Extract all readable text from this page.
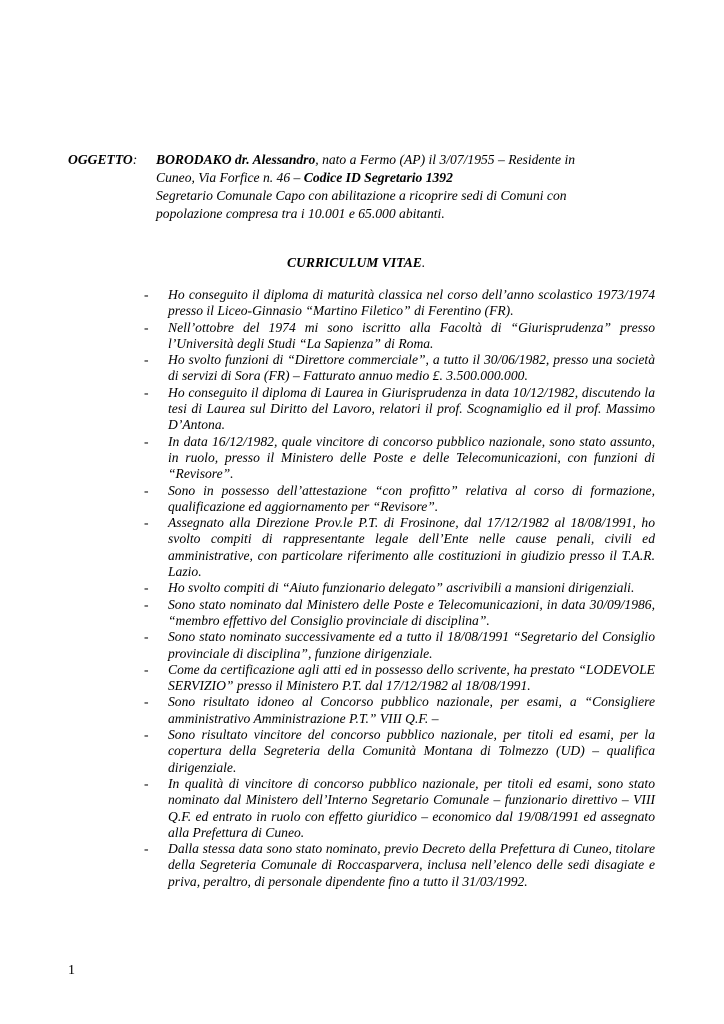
OGGETTO: BORODAKO dr. Alessandro, nato a Fermo (AP) il 3/07/1955 – Residente in
Cuneo, Via Forfice n. 46 – Codice ID Segretario 1392
Segretario Comunale Capo con abilitazione a ricoprire sedi di Comuni con
popolazione compresa tra i 10.001 e 65.000 abitanti.
CURRICULUM VITAE.
- Ho conseguito il diploma di maturità classica nel corso dell’anno scolastico 1973/1974 presso il Liceo-Ginnasio “Martino Filetico” di Ferentino (FR).
- Nell’ottobre del 1974 mi sono iscritto alla Facoltà di “Giurisprudenza” presso l’Università degli Studi “La Sapienza” di Roma.
- Ho svolto funzioni di “Direttore commerciale”, a tutto il 30/06/1982, presso una società di servizi di Sora (FR) – Fatturato annuo medio £. 3.500.000.000.
- Ho conseguito il diploma di Laurea in Giurisprudenza in data 10/12/1982, discutendo la tesi di Laurea sul Diritto del Lavoro, relatori il prof. Scognamiglio ed il prof. Massimo D’Antona.
- In data 16/12/1982, quale vincitore di concorso pubblico nazionale, sono stato assunto, in ruolo, presso il Ministero delle Poste e delle Telecomunicazioni, con funzioni di “Revisore”.
- Sono in possesso dell’attestazione “con profitto” relativa al corso di formazione, qualificazione ed aggiornamento per “Revisore”.
- Assegnato alla Direzione Prov.le P.T. di Frosinone, dal 17/12/1982 al 18/08/1991, ho svolto compiti di rappresentante legale dell’Ente nelle cause penali, civili ed amministrative, con particolare riferimento alle costituzioni in giudizio presso il T.A.R. Lazio.
- Ho svolto compiti di “Aiuto funzionario delegato” ascrivibili a mansioni dirigenziali.
- Sono stato nominato dal Ministero delle Poste e Telecomunicazioni, in data 30/09/1986, “membro effettivo del Consiglio provinciale di disciplina”.
- Sono stato nominato successivamente ed a tutto il 18/08/1991 “Segretario del Consiglio provinciale di disciplina”, funzione dirigenziale.
- Come da certificazione agli atti ed in possesso dello scrivente, ha prestato “LODEVOLE SERVIZIO” presso il Ministero P.T. dal 17/12/1982 al 18/08/1991.
- Sono risultato idoneo al Concorso pubblico nazionale, per esami, a “Consigliere amministrativo Amministrazione P.T.” VIII Q.F. –
- Sono risultato vincitore del concorso pubblico nazionale, per titoli ed esami, per la copertura della Segreteria della Comunità Montana di Tolmezzo (UD) – qualifica dirigenziale.
- In qualità di vincitore di concorso pubblico nazionale, per titoli ed esami, sono stato nominato dal Ministero dell’Interno Segretario Comunale – funzionario direttivo – VIII Q.F. ed entrato in ruolo con effetto giuridico – economico dal 19/08/1991 ed assegnato alla Prefettura di Cuneo.
- Dalla stessa data sono stato nominato, previo Decreto della Prefettura di Cuneo, titolare della Segreteria Comunale di Roccasparvera, inclusa nell’elenco delle sedi disagiate e priva, peraltro, di personale dipendente fino a tutto il 31/03/1992.
1
